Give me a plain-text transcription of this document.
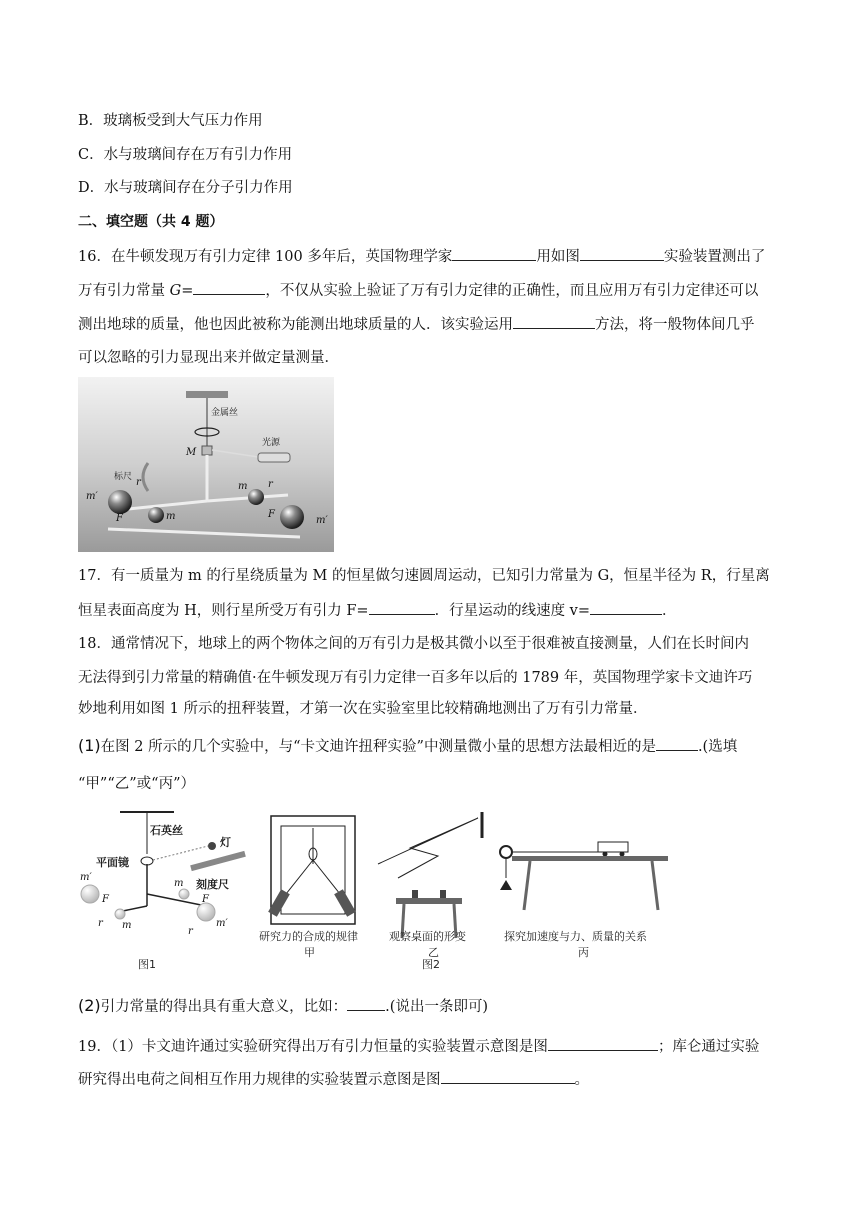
B．玻璃板受到大气压力作用
C．水与玻璃间存在万有引力作用
D．水与玻璃间存在分子引力作用
二、填空题（共 4 题）
16．在牛顿发现万有引力定律 100 多年后，英国物理学家	用如图	实验装置测出了
万有引力常量 G=	，不仅从实验上验证了万有引力定律的正确性，而且应用万有引力定律还可以
测出地球的质量，他也因此被称为能测出地球质量的人．该实验运用	方法，将一般物体间几乎
可以忽略的引力显现出来并做定量测量．
金属丝
M
光源
标尺
m′
m
r
F
m r
F
m′
17．有一质量为 m 的行星绕质量为 M 的恒星做匀速圆周运动，已知引力常量为 G，恒星半径为 R，行星离
恒星表面高度为 H，则行星所受万有引力 F=	．行星运动的线速度 v=	．
18．通常情况下，地球上的两个物体之间的万有引力是极其微小以至于很难被直接测量，人们在长时间内
无法得到引力常量的精确值·在牛顿发现万有引力定律一百多年以后的 1789 年，英国物理学家卡文迪许巧
妙地利用如图 1 所示的扭秤装置，才第一次在实验室里比较精确地测出了万有引力常量．
(1)在图 2 所示的几个实验中，与“卡文迪许扭秤实验”中测量微小量的思想方法最相近的是	.(选填
“甲”“乙”或“丙”）
石英丝
平面镜
灯
刻度尺
m′
m
F
r
m
F
r
m′
图1
研究力的合成的规律
甲
观察桌面的形变
乙
图2
探究加速度与力、质量的关系
丙
(2)引力常量的得出具有重大意义，比如：	.(说出一条即可)
19．（1）卡文迪许通过实验研究得出万有引力恒量的实验装置示意图是图	；库仑通过实验
研究得出电荷之间相互作用力规律的实验装置示意图是图	。
